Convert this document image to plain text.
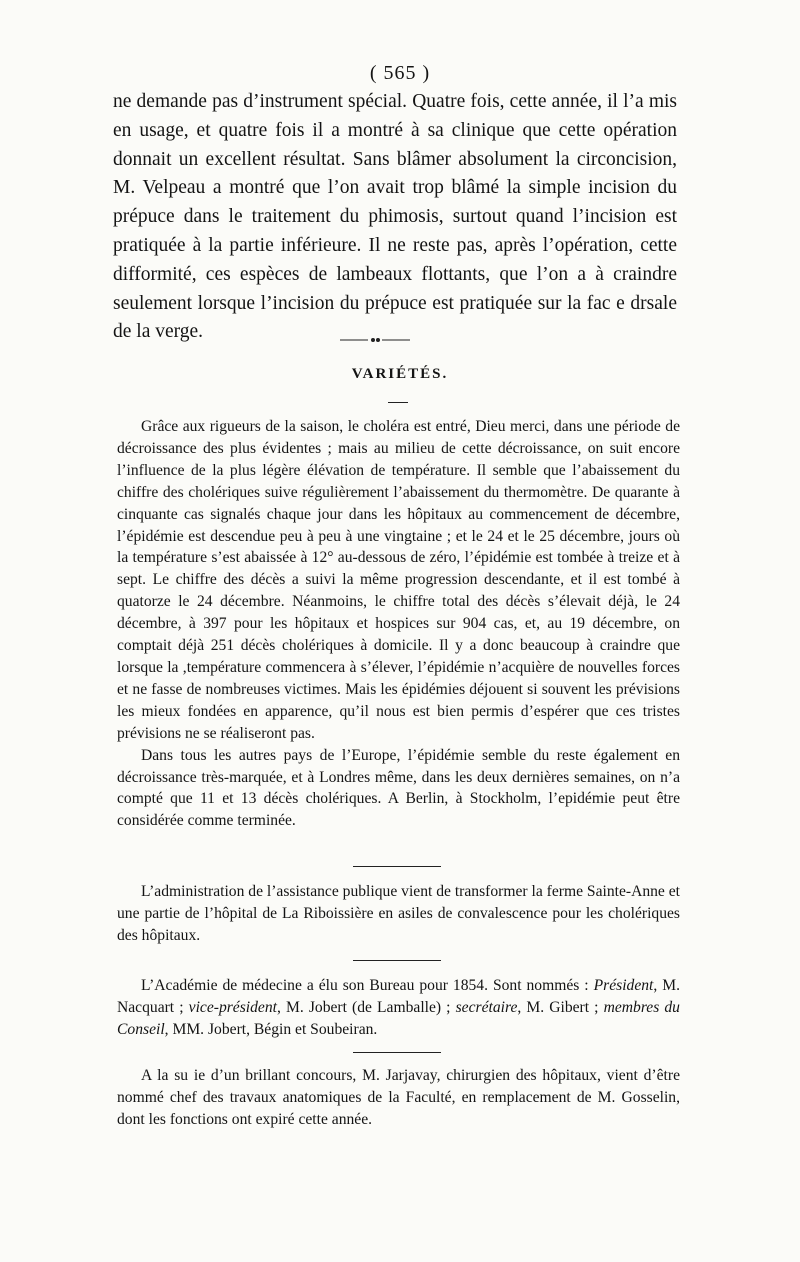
( 565 )
ne demande pas d’instrument spécial. Quatre fois, cette année, il l’a mis en usage, et quatre fois il a montré à sa clinique que cette opération donnait un excellent résultat. Sans blâmer absolument la circoncision, M. Velpeau a montré que l’on avait trop blâmé la simple incision du prépuce dans le traitement du phimosis, surtout quand l’incision est pratiquée à la partie inférieure. Il ne reste pas, après l’opération, cette difformité, ces espèces de lambeaux flottants, que l’on a à craindre seulement lorsque l’incision du prépuce est pratiquée sur la fac e drsale de la verge.
VARIÉTÉS.

Grâce aux rigueurs de la saison, le choléra est entré, Dieu merci, dans une période de décroissance des plus évidentes ; mais au milieu de cette décroissance, on suit encore l’influence de la plus légère élévation de température. Il semble que l’abaissement du chiffre des cholériques suive régulièrement l’abaissement du thermomètre. De quarante à cinquante cas signalés chaque jour dans les hôpitaux au commencement de décembre, l’épidémie est descendue peu à peu à une vingtaine ; et le 24 et le 25 décembre, jours où la température s’est abaissée à 12° au-dessous de zéro, l’épidémie est tombée à treize et à sept. Le chiffre des décès a suivi la même progression descendante, et il est tombé à quatorze le 24 décembre. Néanmoins, le chiffre total des décès s’élevait déjà, le 24 décembre, à 397 pour les hôpitaux et hospices sur 904 cas, et, au 19 décembre, on comptait déjà 251 décès cholériques à domicile. Il y a donc beaucoup à craindre que lorsque la ,température commencera à s’élever, l’épidémie n’acquière de nouvelles forces et ne fasse de nombreuses victimes. Mais les épidémies déjouent si souvent les prévisions les mieux fondées en apparence, qu’il nous est bien permis d’espérer que ces tristes prévisions ne se réaliseront pas.

Dans tous les autres pays de l’Europe, l’épidémie semble du reste également en décroissance très-marquée, et à Londres même, dans les deux dernières semaines, on n’a compté que 11 et 13 décès cholériques. A Berlin, à Stockholm, l’epidémie peut être considérée comme terminée.

L’administration de l’assistance publique vient de transformer la ferme Sainte-Anne et une partie de l’hôpital de La Riboissière en asiles de convalescence pour les cholériques des hôpitaux.

L’Académie de médecine a élu son Bureau pour 1854. Sont nommés : Président, M. Nacquart ; vice-président, M. Jobert (de Lamballe) ; secrétaire, M. Gibert ; membres du Conseil, MM. Jobert, Bégin et Soubeiran.

A la su ie d’un brillant concours, M. Jarjavay, chirurgien des hôpitaux, vient d’être nommé chef des travaux anatomiques de la Faculté, en remplacement de M. Gosselin, dont les fonctions ont expiré cette année.
